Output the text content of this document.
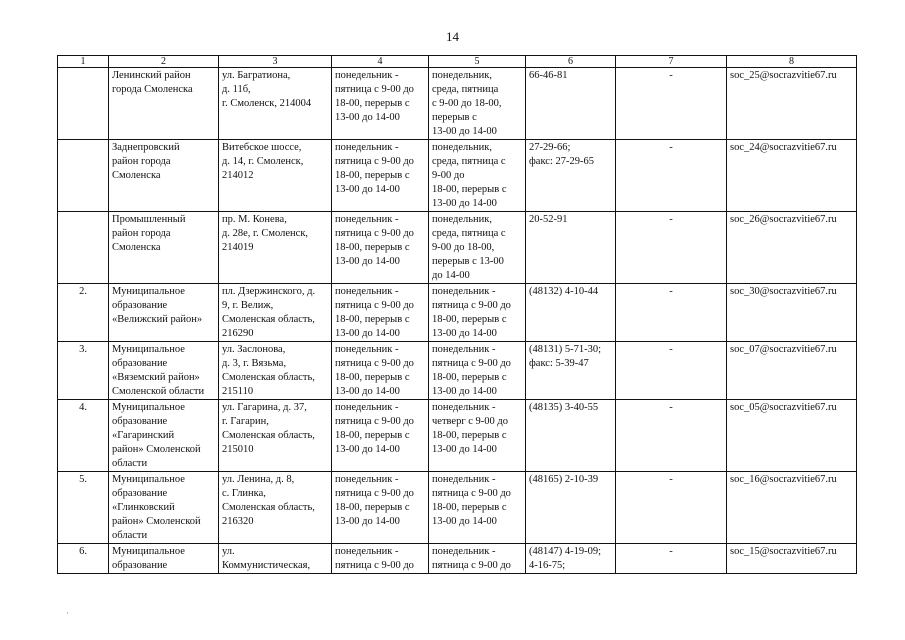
14
1	2	3	4	5	6	7	8
	Ленинский район
города Смоленска	ул. Багратиона,
д. 11б,
г. Смоленск, 214004	понедельник -
пятница с 9-00 до
18-00, перерыв с
13-00 до 14-00	понедельник,
среда, пятница
с 9-00 до 18-00,
перерыв с
13-00 до 14-00	66-46-81	-	soc_25@socrazvitie67.ru
	Заднепровский
район города
Смоленска	Витебское шоссе,
д. 14, г. Смоленск,
214012	понедельник -
пятница с 9-00 до
18-00, перерыв с
13-00 до 14-00	понедельник,
среда, пятница с
9-00 до
18-00, перерыв с
13-00 до 14-00	27-29-66;
факс: 27-29-65	-	soc_24@socrazvitie67.ru
	Промышленный
район города
Смоленска	пр. М. Конева,
д. 28е, г. Смоленск,
214019	понедельник -
пятница с 9-00 до
18-00, перерыв с
13-00 до 14-00	понедельник,
среда, пятница с
9-00 до 18-00,
перерыв с 13-00
до 14-00	20-52-91	-	soc_26@socrazvitie67.ru
2.	Муниципальное
образование
«Велижский район»	пл. Дзержинского, д.
9, г. Велиж,
Смоленская область,
216290	понедельник -
пятница с 9-00 до
18-00, перерыв с
13-00 до 14-00	понедельник -
пятница с 9-00 до
18-00, перерыв с
13-00 до 14-00	(48132) 4-10-44	-	soc_30@socrazvitie67.ru
3.	Муниципальное
образование
«Вяземский район»
Смоленской области	ул. Заслонова,
д. 3, г. Вязьма,
Смоленская область,
215110	понедельник -
пятница с 9-00 до
18-00, перерыв с
13-00 до 14-00	понедельник -
пятница с 9-00 до
18-00, перерыв с
13-00 до 14-00	(48131) 5-71-30;
факс: 5-39-47	-	soc_07@socrazvitie67.ru
4.	Муниципальное
образование
«Гагаринский
район» Смоленской
области	ул. Гагарина, д. 37,
г. Гагарин,
Смоленская область,
215010	понедельник -
пятница с 9-00 до
18-00, перерыв с
13-00 до 14-00	понедельник -
четверг с 9-00 до
18-00, перерыв с
13-00 до 14-00	(48135) 3-40-55	-	soc_05@socrazvitie67.ru
5.	Муниципальное
образование
«Глинковский
район» Смоленской
области	ул. Ленина, д. 8,
с. Глинка,
Смоленская область,
216320	понедельник -
пятница с 9-00 до
18-00, перерыв с
13-00 до 14-00	понедельник -
пятница с 9-00 до
18-00, перерыв с
13-00 до 14-00	(48165) 2-10-39	-	soc_16@socrazvitie67.ru
6.	Муниципальное
образование	ул.
Коммунистическая,	понедельник -
пятница с 9-00 до	понедельник -
пятница с 9-00 до	(48147) 4-19-09;
4-16-75;	-	soc_15@socrazvitie67.ru
·
